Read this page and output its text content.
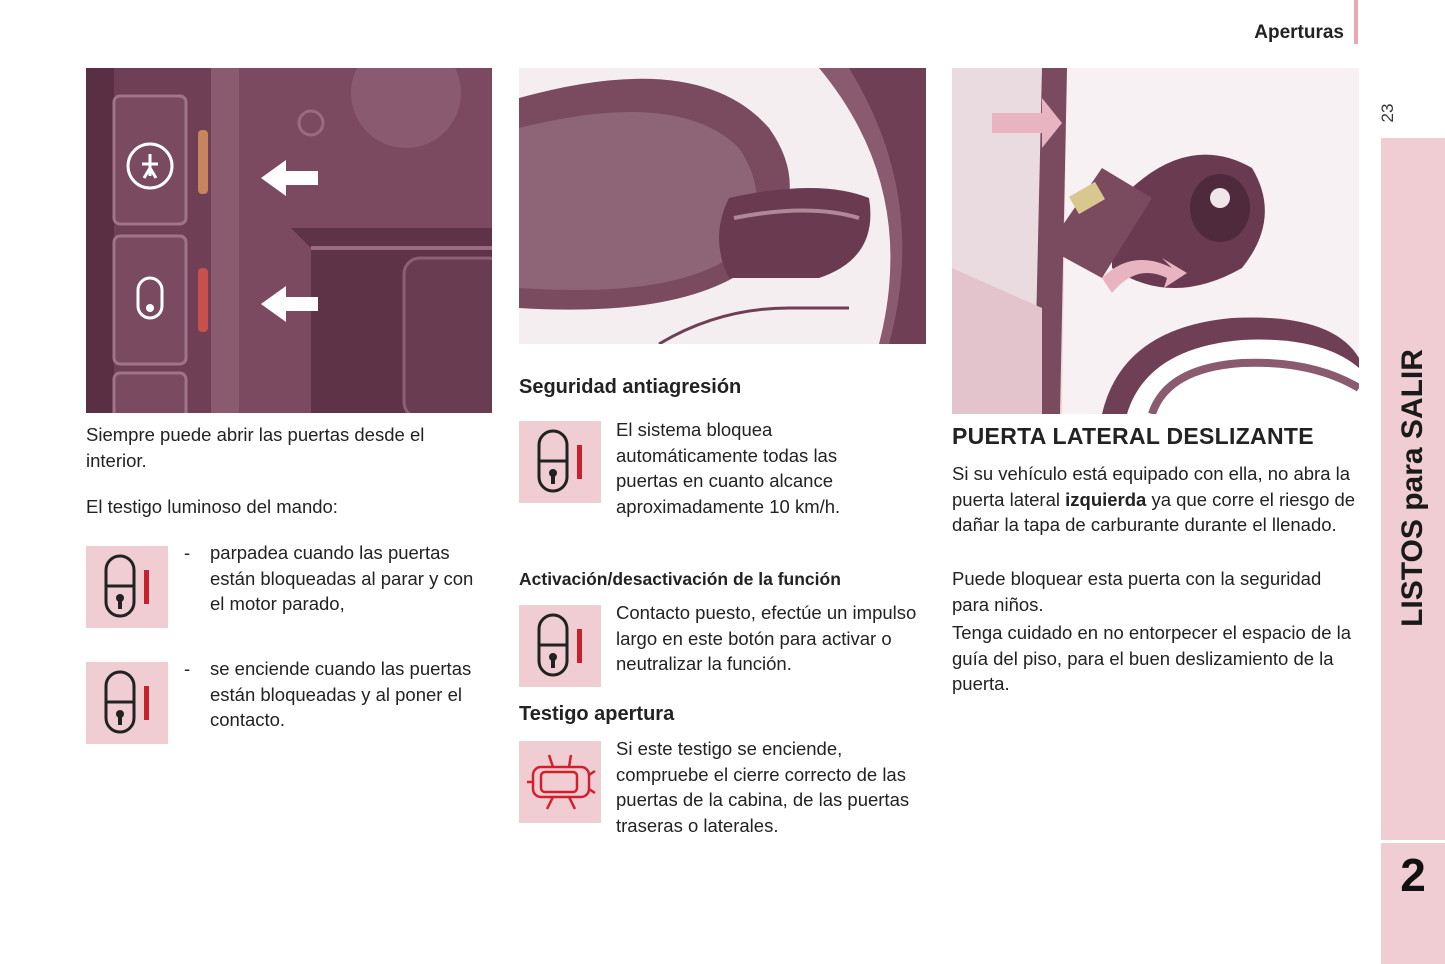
Aperturas
23
LISTOS para SALIR
2

Siempre puede abrir las puertas desde el interior.

El testigo luminoso del mando:

- parpadea cuando las puertas están bloqueadas al parar y con el motor parado,

- se enciende cuando las puertas están bloqueadas y al poner el contacto.

Seguridad antiagresión

El sistema bloquea automáticamente todas las puertas en cuanto alcance aproximadamente 10 km/h.

Activación/desactivación de la función

Contacto puesto, efectúe un impulso largo en este botón para activar o neutralizar la función.

Testigo apertura

Si este testigo se enciende, compruebe el cierre correcto de las puertas de la cabina, de las puertas traseras o laterales.

PUERTA LATERAL DESLIZANTE

Si su vehículo está equipado con ella, no abra la puerta lateral izquierda ya que corre el riesgo de dañar la tapa de carburante durante el llenado.

Puede bloquear esta puerta con la seguridad para niños.

Tenga cuidado en no entorpecer el espacio de la guía del piso, para el buen deslizamiento de la puerta.
